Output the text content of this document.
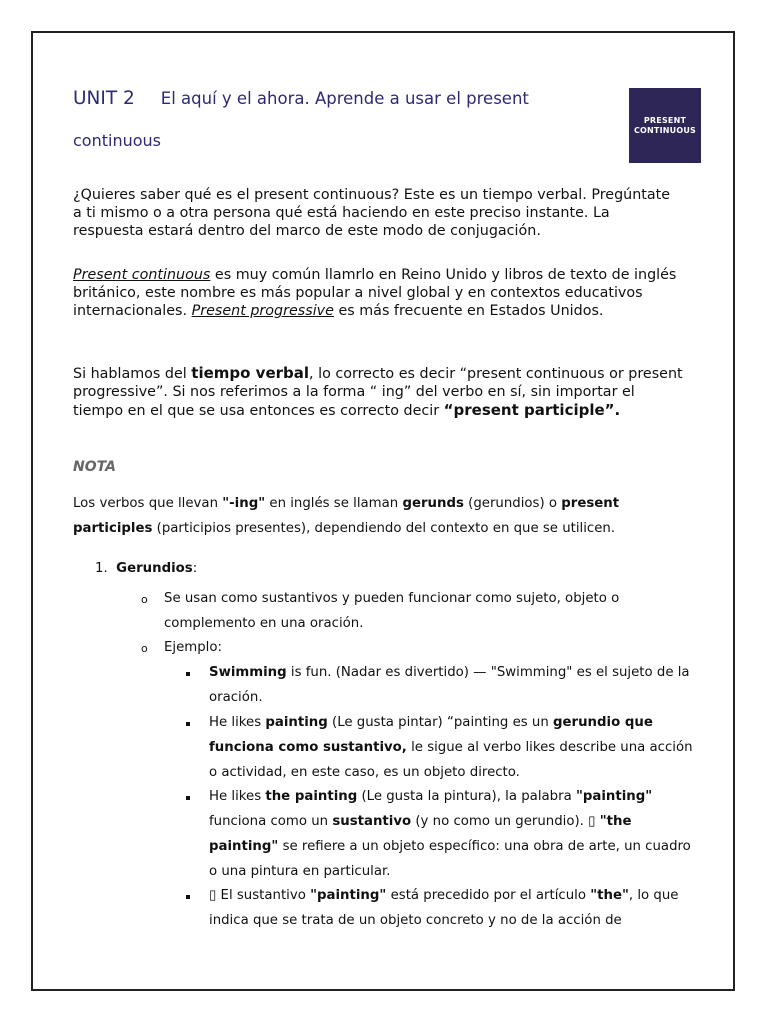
UNIT 2 El aquí y el ahora. Aprende a usar el present
continuous
PRESENT
CONTINUOUS
¿Quieres saber qué es el present continuous? Este es un tiempo verbal. Pregúntate a ti mismo o a otra persona qué está haciendo en este preciso instante. La respuesta estará dentro del marco de este modo de conjugación.
Present continuous es muy común llamrlo en Reino Unido y libros de texto de inglés británico, este nombre es más popular a nivel global y en contextos educativos internacionales. Present progressive es más frecuente en Estados Unidos.
Si hablamos del tiempo verbal, lo correcto es decir “present continuous or present progressive”. Si nos referimos a la forma “ ing” del verbo en sí, sin importar el tiempo en el que se usa entonces es correcto decir “present participle”.
NOTA
Los verbos que llevan "-ing" en inglés se llaman gerunds (gerundios) o present participles (participios presentes), dependiendo del contexto en que se utilicen.
1. Gerundios:
o Se usan como sustantivos y pueden funcionar como sujeto, objeto o complemento en una oración.
o Ejemplo:
Swimming is fun. (Nadar es divertido) — "Swimming" es el sujeto de la oración.
He likes painting (Le gusta pintar) “painting es un gerundio que funciona como sustantivo, le sigue al verbo likes describe una acción o actividad, en este caso, es un objeto directo.
He likes the painting (Le gusta la pintura), la palabra "painting" funciona como un sustantivo (y no como un gerundio). ▯ "the painting" se refiere a un objeto específico: una obra de arte, un cuadro o una pintura en particular.
▯ El sustantivo "painting" está precedido por el artículo "the", lo que indica que se trata de un objeto concreto y no de la acción de
